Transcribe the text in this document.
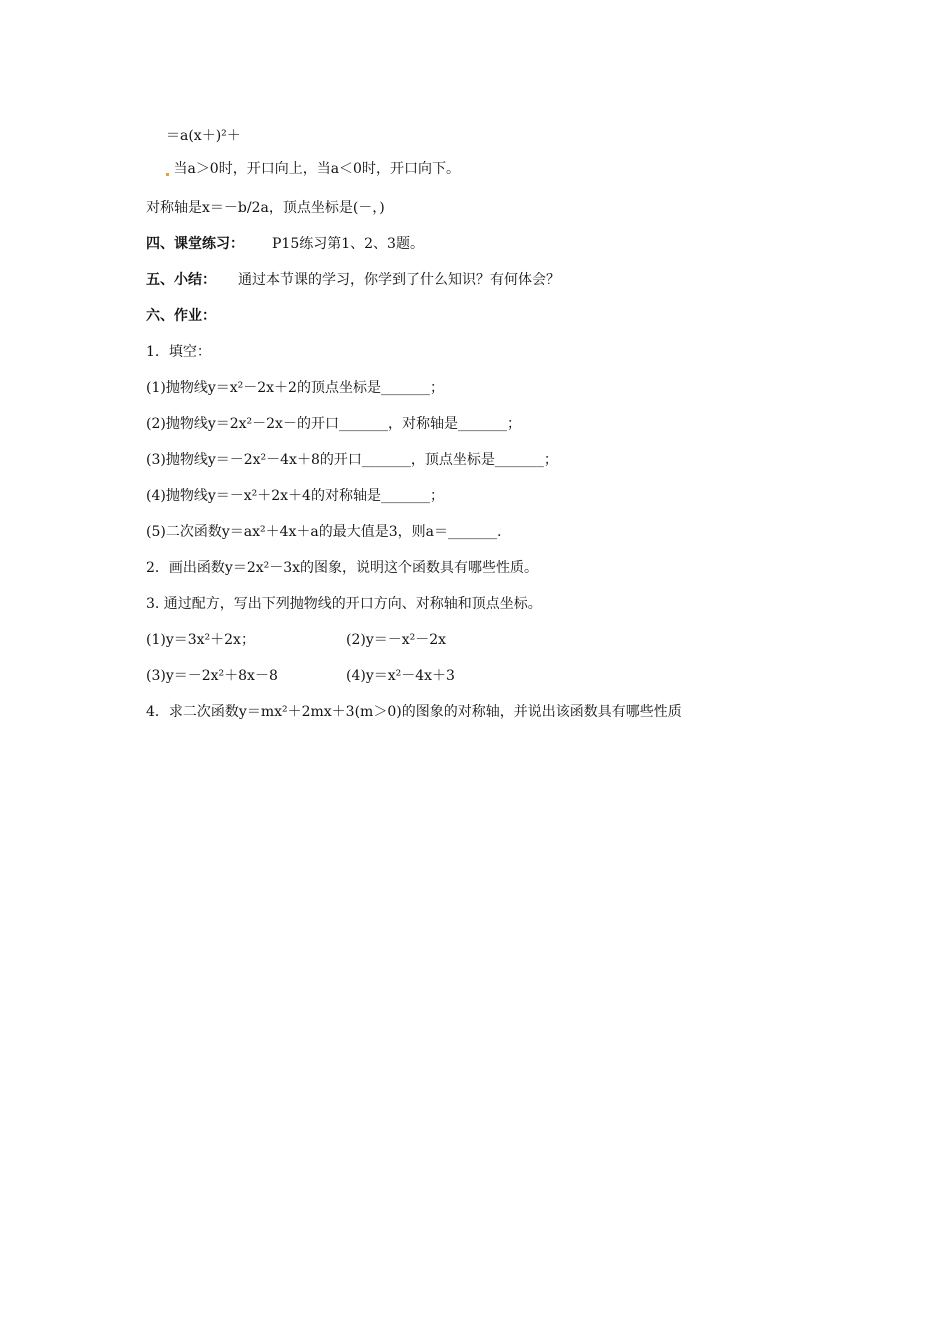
＝a(x＋)²＋
当a＞0时，开口向上，当a＜0时，开口向下。
对称轴是x＝－b/2a，顶点坐标是(－，)
四、课堂练习： P15练习第1、2、3题。
五、小结： 通过本节课的学习，你学到了什么知识？有何体会？
六、作业：
1．填空：
(1)抛物线y＝x²－2x＋2的顶点坐标是_______；
(2)抛物线y＝2x²－2x－的开口_______，对称轴是_______；
(3)抛物线y＝－2x²－4x＋8的开口_______，顶点坐标是_______；
(4)抛物线y＝－x²＋2x＋4的对称轴是_______；
(5)二次函数y＝ax²＋4x＋a的最大值是3，则a＝_______.
2．画出函数y＝2x²－3x的图象，说明这个函数具有哪些性质。
3. 通过配方，写出下列抛物线的开口方向、对称轴和顶点坐标。
(1)y＝3x²＋2x；	(2)y＝－x²－2x
(3)y＝－2x²＋8x－8	(4)y＝x²－4x＋3
4．求二次函数y＝mx²＋2mx＋3(m＞0)的图象的对称轴，并说出该函数具有哪些性质
